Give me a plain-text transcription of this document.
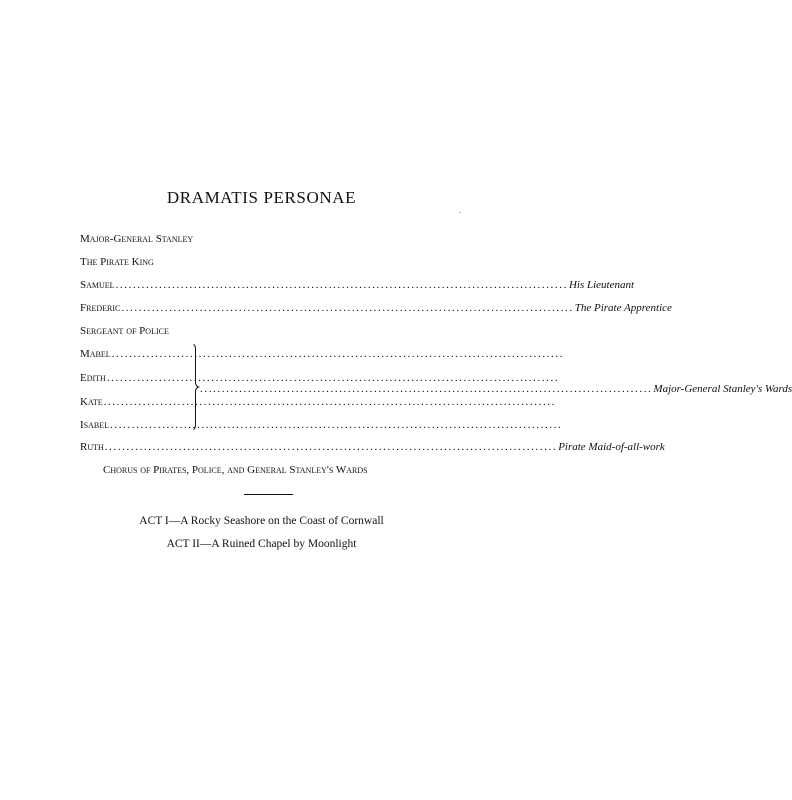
DRAMATIS PERSONAE
Major-General Stanley
The Pirate King
Samuel ........................................................................................................ His Lieutenant
Frederic ........................................................................................................ The Pirate Apprentice
Sergeant of Police
Mabel ........................................................................................................
Edith ........................................................................................................
Kate ........................................................................................................
Isabel ........................................................................................................
........................................................................................................ Major-General Stanley's Wards
Ruth ........................................................................................................ Pirate Maid-of-all-work
Chorus of Pirates, Police, and General Stanley's Wards
ACT I—A Rocky Seashore on the Coast of Cornwall
ACT II—A Ruined Chapel by Moonlight
